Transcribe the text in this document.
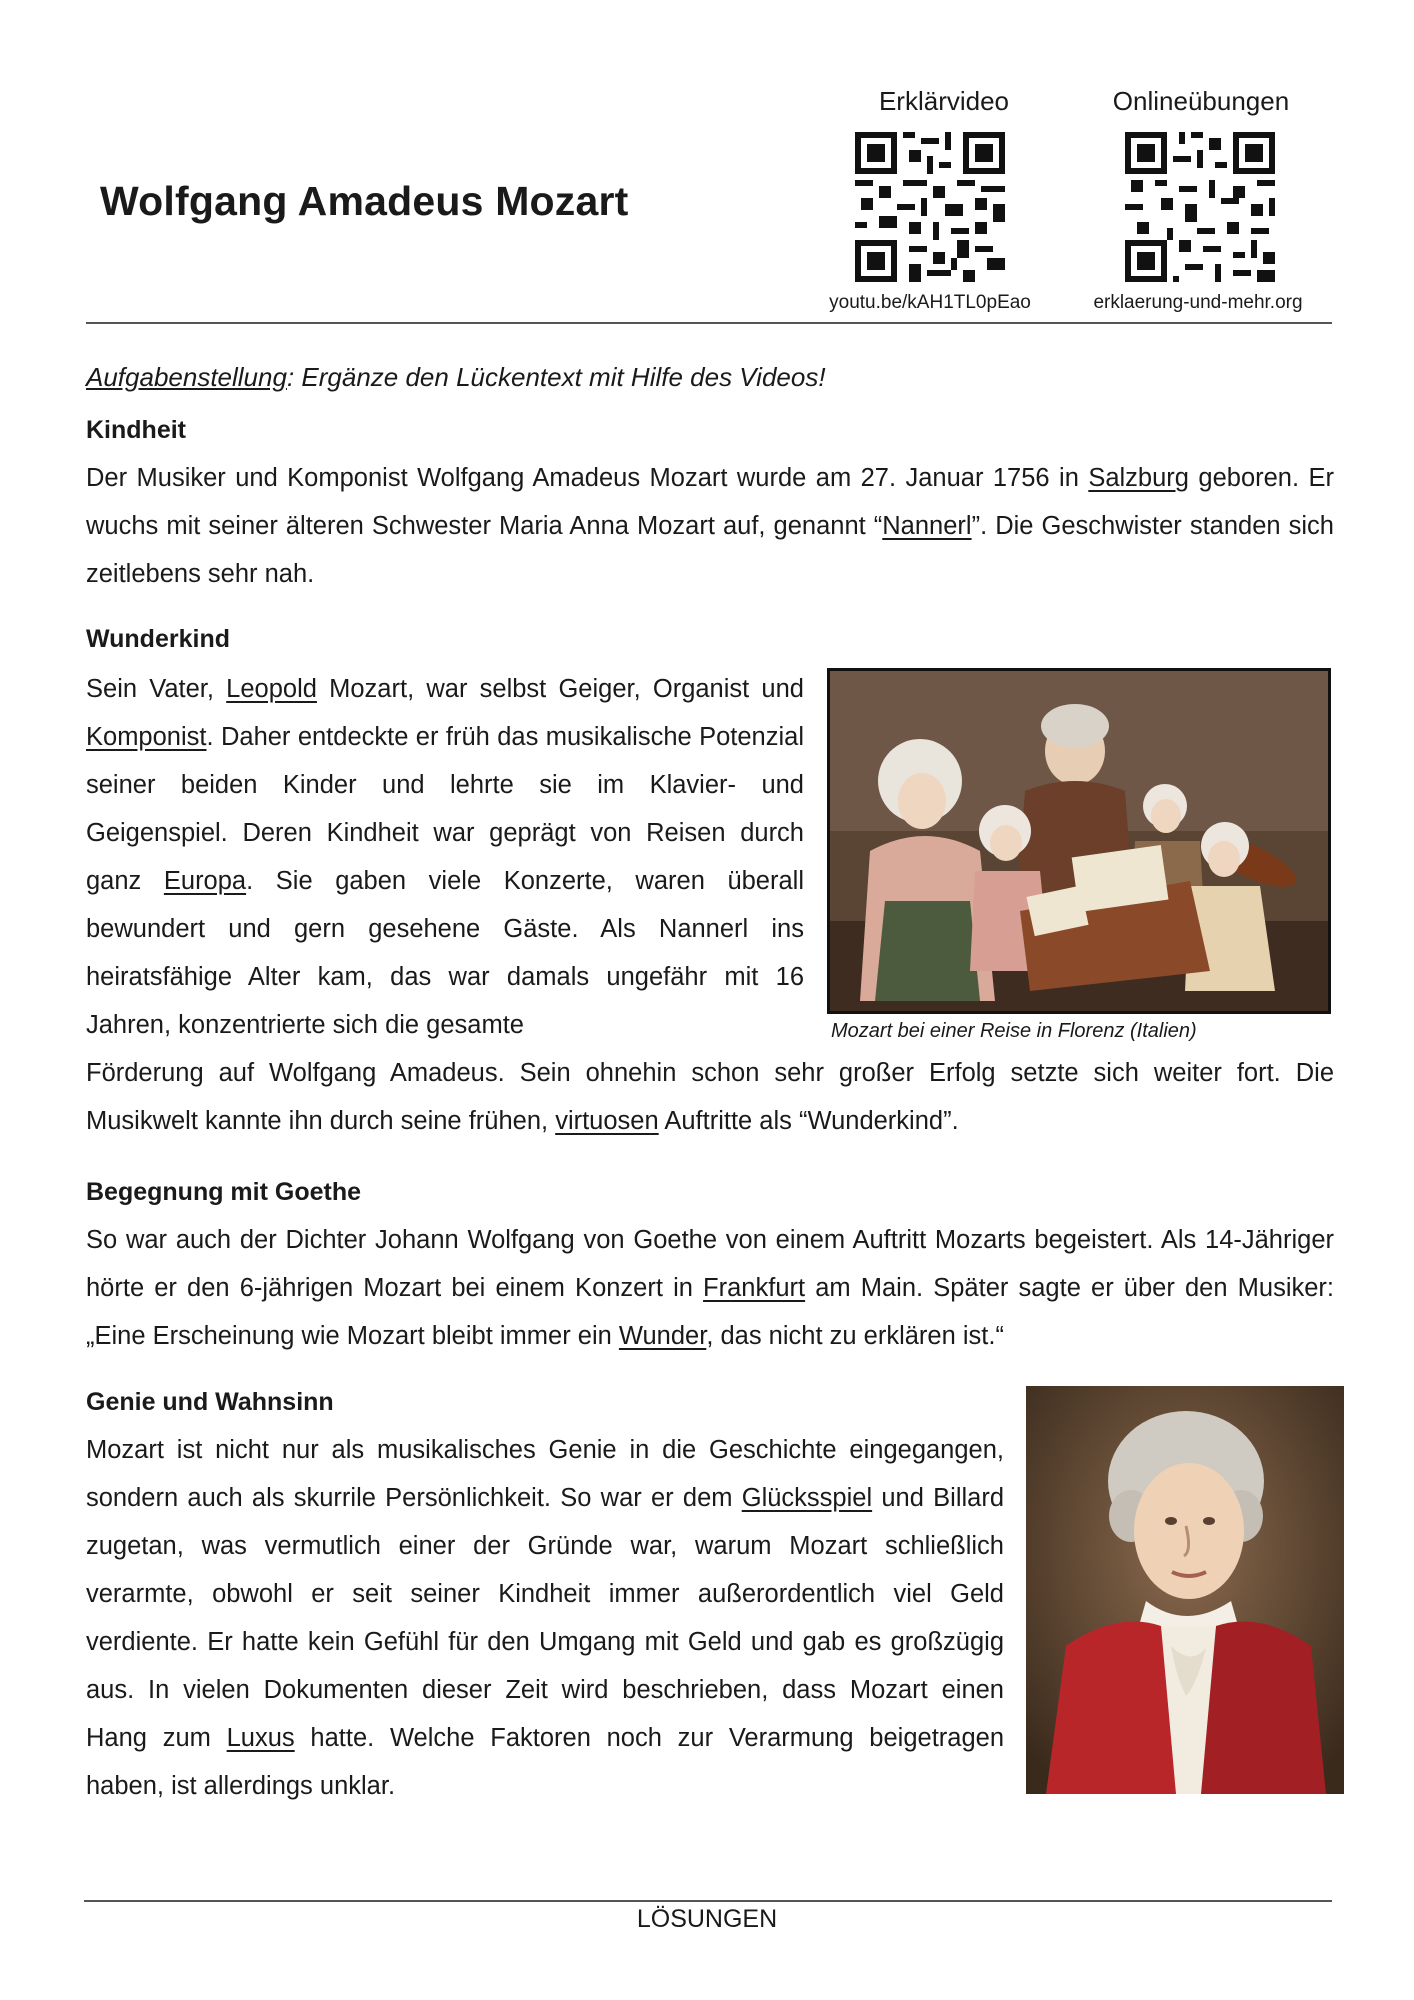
Wolfgang Amadeus Mozart
Erklärvideo	Onlineübungen
youtu.be/kAH1TL0pEao	erklaerung-und-mehr.org
Aufgabenstellung: Ergänze den Lückentext mit Hilfe des Videos!
Kindheit
Der Musiker und Komponist Wolfgang Amadeus Mozart wurde am 27. Januar 1756 in Salzburg geboren. Er wuchs mit seiner älteren Schwester Maria Anna Mozart auf, genannt “Nannerl”. Die Geschwister standen sich zeitlebens sehr nah.
Wunderkind
Sein Vater, Leopold Mozart, war selbst Geiger, Organist und Komponist. Daher entdeckte er früh das musikalische Potenzial seiner beiden Kinder und lehrte sie im Klavier- und Geigenspiel. Deren Kindheit war geprägt von Reisen durch ganz Europa. Sie gaben viele Konzerte, waren überall bewundert und gern gesehene Gäste. Als Nannerl ins heiratsfähige Alter kam, das war damals ungefähr mit 16 Jahren, konzentrierte sich die gesamte
Förderung auf Wolfgang Amadeus. Sein ohnehin schon sehr großer Erfolg setzte sich weiter fort. Die Musikwelt kannte ihn durch seine frühen, virtuosen Auftritte als “Wunderkind”.
Mozart bei einer Reise in Florenz (Italien)
Begegnung mit Goethe
So war auch der Dichter Johann Wolfgang von Goethe von einem Auftritt Mozarts begeistert. Als 14-Jähriger hörte er den 6-jährigen Mozart bei einem Konzert in Frankfurt am Main. Später sagte er über den Musiker: „Eine Erscheinung wie Mozart bleibt immer ein Wunder, das nicht zu erklären ist.“
Genie und Wahnsinn
Mozart ist nicht nur als musikalisches Genie in die Geschichte eingegangen, sondern auch als skurrile Persönlichkeit. So war er dem Glücksspiel und Billard zugetan, was vermutlich einer der Gründe war, warum Mozart schließlich verarmte, obwohl er seit seiner Kindheit immer außerordentlich viel Geld verdiente. Er hatte kein Gefühl für den Umgang mit Geld und gab es großzügig aus. In vielen Dokumenten dieser Zeit wird beschrieben, dass Mozart einen Hang zum Luxus hatte. Welche Faktoren noch zur Verarmung beigetragen haben, ist allerdings unklar.
LÖSUNGEN
